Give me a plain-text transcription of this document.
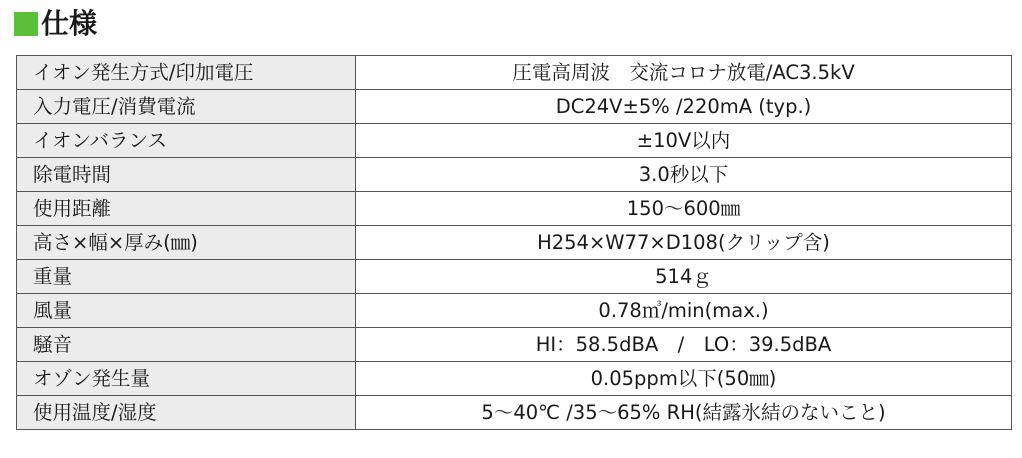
仕様
イオン発生方式/印加電圧	圧電高周波　交流コロナ放電/AC3.5kV
入力電圧/消費電流	DC24V±5% /220mA (typ.)
イオンバランス	±10V以内
除電時間	3.0秒以下
使用距離	150～600㎜
高さ×幅×厚み(㎜)	H254×W77×D108(クリップ含)
重量	514ｇ
風量	0.78㎥/min(max.)
騒音	HI：58.5dBA　/　LO：39.5dBA
オゾン発生量	0.05ppm以下(50㎜)
使用温度/湿度	5～40℃ /35～65% RH(結露氷結のないこと)
